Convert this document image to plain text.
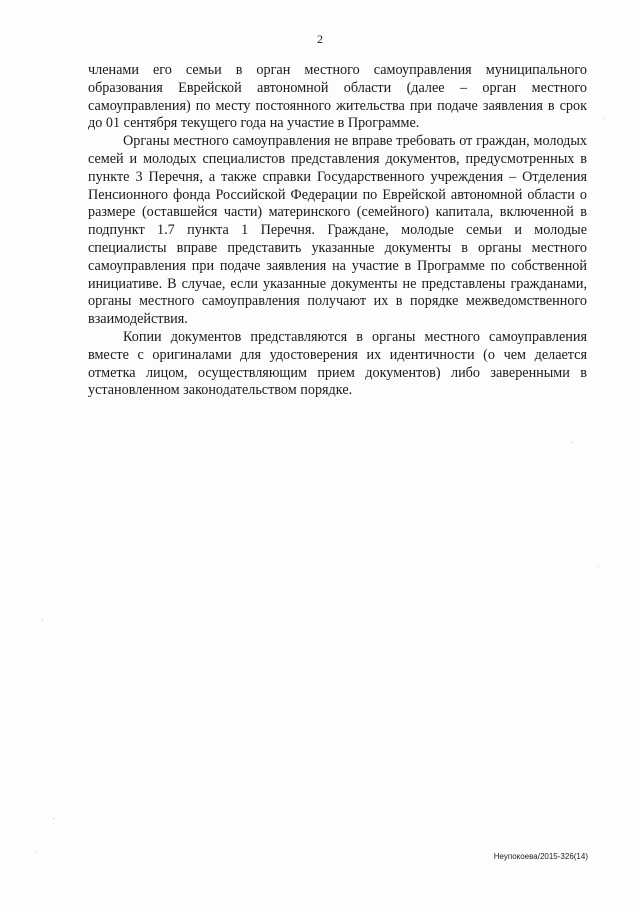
2

членами его семьи в орган местного самоуправления муниципального образования Еврейской автономной области (далее – орган местного самоуправления) по месту постоянного жительства при подаче заявления в срок до 01 сентября текущего года на участие в Программе.

Органы местного самоуправления не вправе требовать от граждан, молодых семей и молодых специалистов представления документов, предусмотренных в пункте 3 Перечня, а также справки Государственного учреждения – Отделения Пенсионного фонда Российской Федерации по Еврейской автономной области о размере (оставшейся части) материнского (семейного) капитала, включенной в подпункт 1.7 пункта 1 Перечня. Граждане, молодые семьи и молодые специалисты вправе представить указанные документы в органы местного самоуправления при подаче заявления на участие в Программе по собственной инициативе. В случае, если указанные документы не представлены гражданами, органы местного самоуправления получают их в порядке межведомственного взаимодействия.

Копии документов представляются в органы местного самоуправления вместе с оригиналами для удостоверения их идентичности (о чем делается отметка лицом, осуществляющим прием документов) либо заверенными в установленном законодательством порядке.

Неупокоева/2015-326(14)
